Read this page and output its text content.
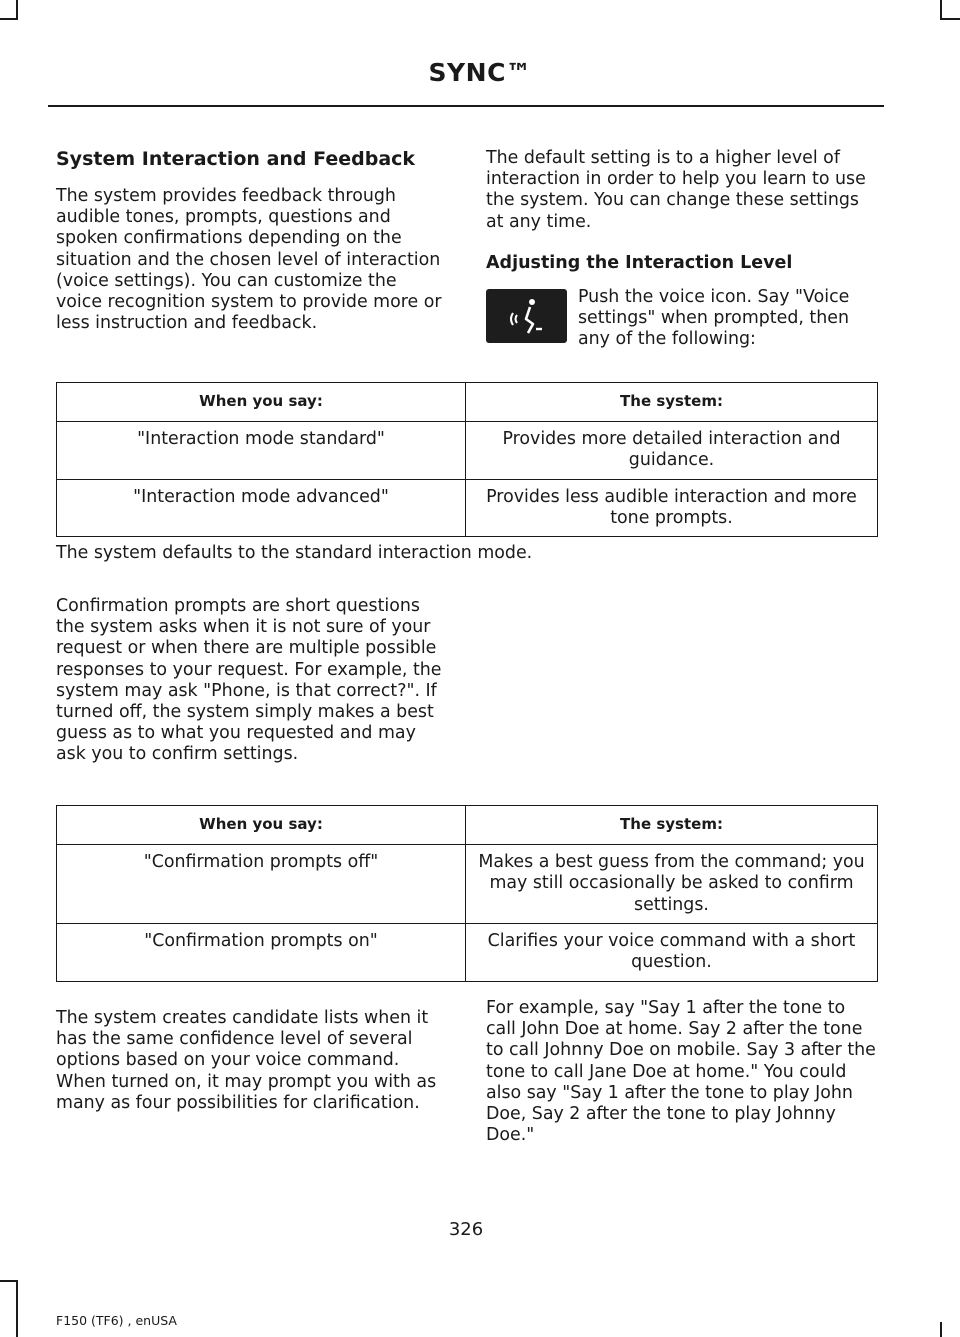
SYNC™

System Interaction and Feedback

The system provides feedback through audible tones, prompts, questions and spoken confirmations depending on the situation and the chosen level of interaction (voice settings). You can customize the voice recognition system to provide more or less instruction and feedback.

The default setting is to a higher level of interaction in order to help you learn to use the system. You can change these settings at any time.

Adjusting the Interaction Level

Push the voice icon. Say "Voice settings" when prompted, then any of the following:

When you say:	The system:
"Interaction mode standard"	Provides more detailed interaction and guidance.
"Interaction mode advanced"	Provides less audible interaction and more tone prompts.

The system defaults to the standard interaction mode.

Confirmation prompts are short questions the system asks when it is not sure of your request or when there are multiple possible responses to your request. For example, the system may ask "Phone, is that correct?". If turned off, the system simply makes a best guess as to what you requested and may ask you to confirm settings.

When you say:	The system:
"Confirmation prompts off"	Makes a best guess from the command; you may still occasionally be asked to confirm settings.
"Confirmation prompts on"	Clarifies your voice command with a short question.

The system creates candidate lists when it has the same confidence level of several options based on your voice command. When turned on, it may prompt you with as many as four possibilities for clarification.

For example, say "Say 1 after the tone to call John Doe at home. Say 2 after the tone to call Johnny Doe on mobile. Say 3 after the tone to call Jane Doe at home." You could also say "Say 1 after the tone to play John Doe, Say 2 after the tone to play Johnny Doe."

326
F150 (TF6) , enUSA
